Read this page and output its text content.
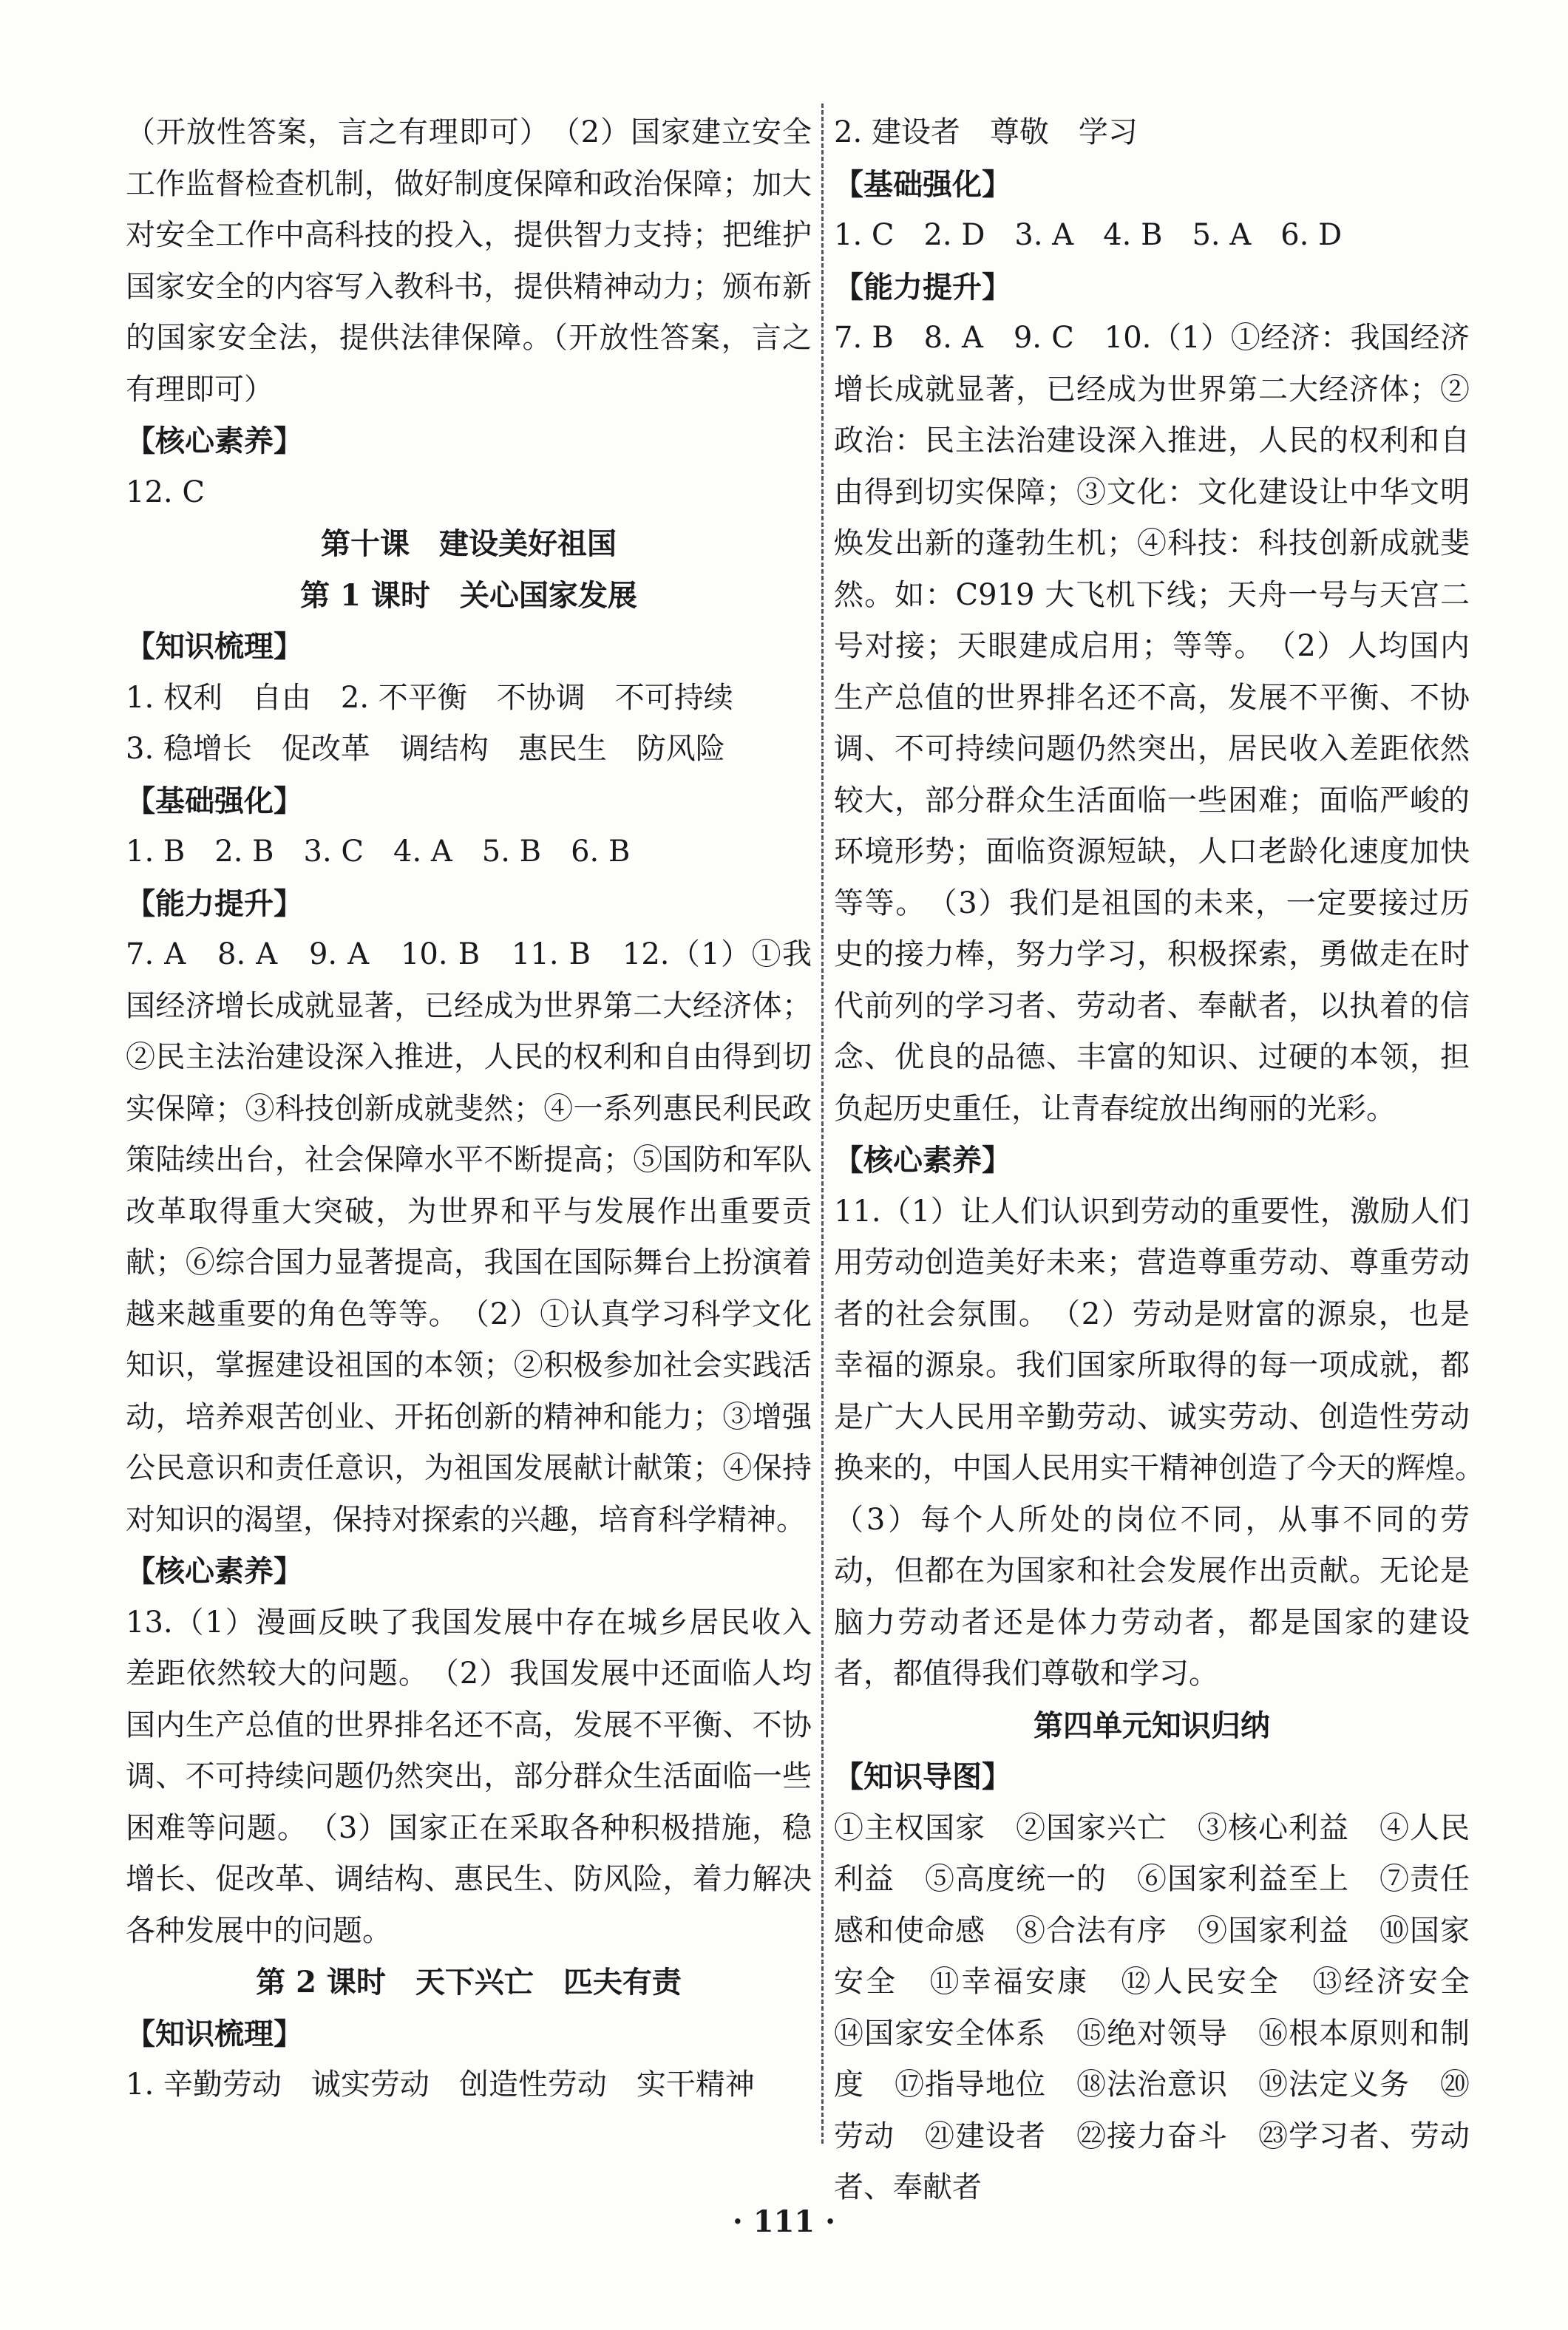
（开放性答案，言之有理即可）　（2）国家建立安全工作监督检查机制，做好制度保障和政治保障；加大对安全工作中高科技的投入，提供智力支持；把维护国家安全的内容写入教科书，提供精神动力；颁布新的国家安全法，提供法律保障。（开放性答案，言之有理即可）

【核心素养】

12. C

第十课　建设美好祖国

第 1 课时　关心国家发展

【知识梳理】

1. 权利　自由　2. 不平衡　不协调　不可持续

3. 稳增长　促改革　调结构　惠民生　防风险

【基础强化】

1. B　2. B　3. C　4. A　5. B　6. B

【能力提升】

7. A　8. A　9. A　10. B　11. B　12.（1）①我国经济增长成就显著，已经成为世界第二大经济体；②民主法治建设深入推进，人民的权利和自由得到切实保障；③科技创新成就斐然；④一系列惠民利民政策陆续出台，社会保障水平不断提高；⑤国防和军队改革取得重大突破，为世界和平与发展作出重要贡献；⑥综合国力显著提高，我国在国际舞台上扮演着越来越重要的角色等等。　（2）①认真学习科学文化知识，掌握建设祖国的本领；②积极参加社会实践活动，培养艰苦创业、开拓创新的精神和能力；③增强公民意识和责任意识，为祖国发展献计献策；④保持对知识的渴望，保持对探索的兴趣，培育科学精神。

【核心素养】

13.（1）漫画反映了我国发展中存在城乡居民收入差距依然较大的问题。　（2）我国发展中还面临人均国内生产总值的世界排名还不高，发展不平衡、不协调、不可持续问题仍然突出，部分群众生活面临一些困难等问题。　（3）国家正在采取各种积极措施，稳增长、促改革、调结构、惠民生、防风险，着力解决各种发展中的问题。

第 2 课时　天下兴亡　匹夫有责

【知识梳理】

1. 辛勤劳动　诚实劳动　创造性劳动　实干精神

2. 建设者　尊敬　学习

【基础强化】

1. C　2. D　3. A　4. B　5. A　6. D

【能力提升】

7. B　8. A　9. C　10.（1）①经济：我国经济增长成就显著，已经成为世界第二大经济体；②政治：民主法治建设深入推进，人民的权利和自由得到切实保障；③文化：文化建设让中华文明焕发出新的蓬勃生机；④科技：科技创新成就斐然。如：C919 大飞机下线；天舟一号与天宫二号对接；天眼建成启用；等等。　（2）人均国内生产总值的世界排名还不高，发展不平衡、不协调、不可持续问题仍然突出，居民收入差距依然较大，部分群众生活面临一些困难；面临严峻的环境形势；面临资源短缺，人口老龄化速度加快等等。　（3）我们是祖国的未来，一定要接过历史的接力棒，努力学习，积极探索，勇做走在时代前列的学习者、劳动者、奉献者，以执着的信念、优良的品德、丰富的知识、过硬的本领，担负起历史重任，让青春绽放出绚丽的光彩。

【核心素养】

11.（1）让人们认识到劳动的重要性，激励人们用劳动创造美好未来；营造尊重劳动、尊重劳动者的社会氛围。　（2）劳动是财富的源泉，也是幸福的源泉。我们国家所取得的每一项成就，都是广大人民用辛勤劳动、诚实劳动、创造性劳动换来的，中国人民用实干精神创造了今天的辉煌。　（3）每个人所处的岗位不同，从事不同的劳动，但都在为国家和社会发展作出贡献。无论是脑力劳动者还是体力劳动者，都是国家的建设者，都值得我们尊敬和学习。

第四单元知识归纳

【知识导图】

①主权国家　②国家兴亡　③核心利益　④人民利益　⑤高度统一的　⑥国家利益至上　⑦责任感和使命感　⑧合法有序　⑨国家利益　⑩国家安全　⑪幸福安康　⑫人民安全　⑬经济安全　⑭国家安全体系　⑮绝对领导　⑯根本原则和制度　⑰指导地位　⑱法治意识　⑲法定义务　⑳劳动　㉑建设者　㉒接力奋斗　㉓学习者、劳动者、奉献者

· 111 ·
